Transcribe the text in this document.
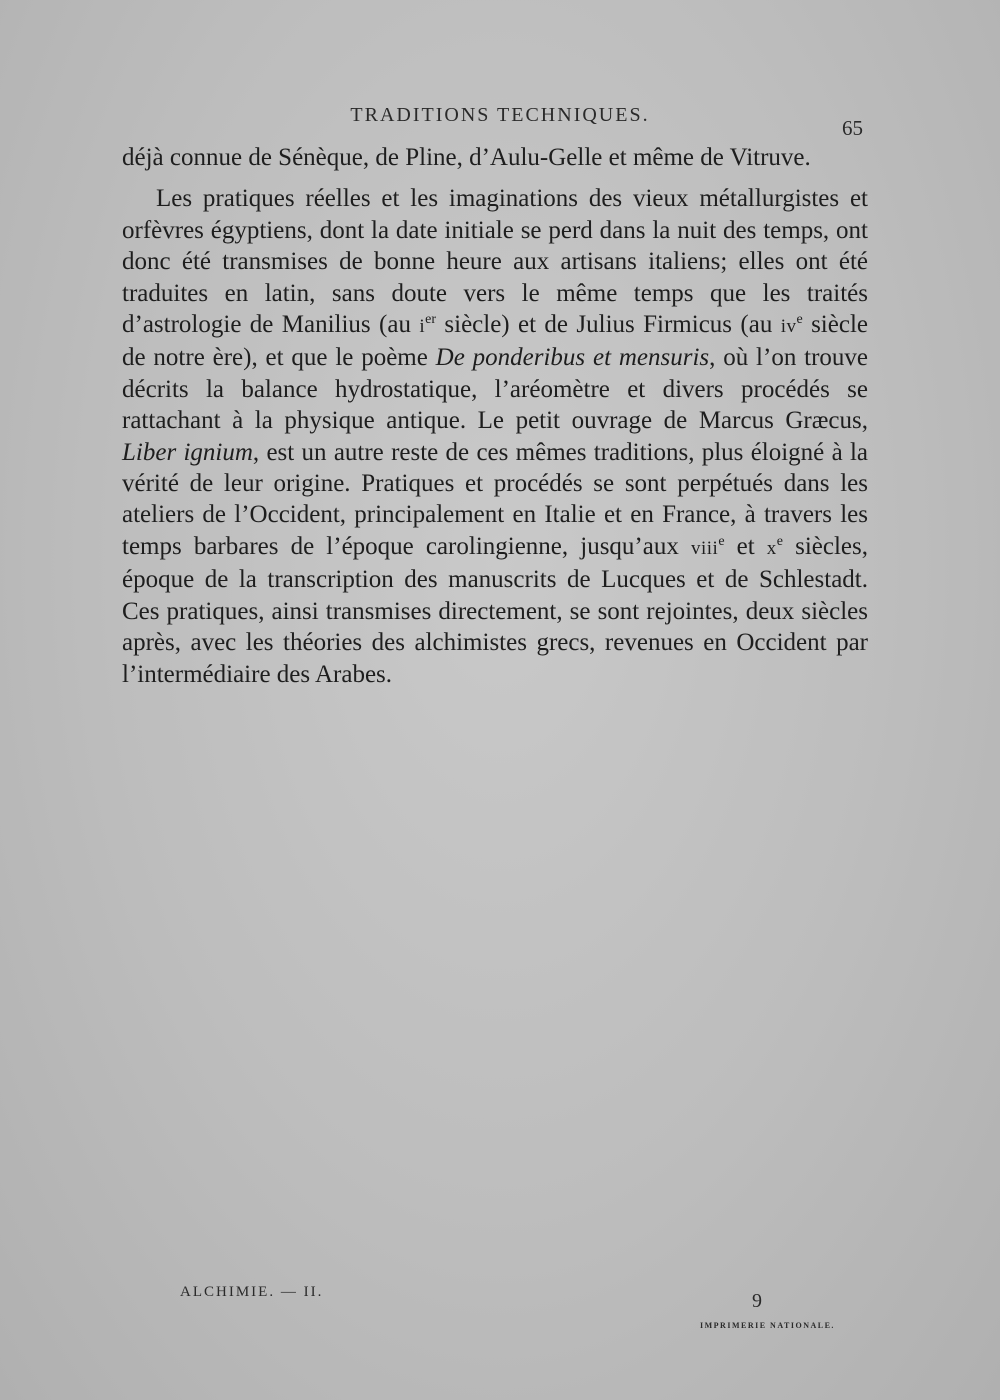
TRADITIONS TECHNIQUES.
65

déjà connue de Sénèque, de Pline, d’Aulu-Gelle et même de Vitruve.

Les pratiques réelles et les imaginations des vieux métallurgistes et orfèvres égyptiens, dont la date initiale se perd dans la nuit des temps, ont donc été transmises de bonne heure aux artisans italiens; elles ont été traduites en latin, sans doute vers le même temps que les traités d’astrologie de Manilius (au $i^{er}$ siècle) et de Julius Firmicus (au $iv^e$ siècle de notre ère), et que le poème De ponderibus et mensuris, où l’on trouve décrits la balance hydrostatique, l’aréomètre et divers procédés se rattachant à la physique antique. Le petit ouvrage de Marcus Græcus, Liber ignium, est un autre reste de ces mêmes traditions, plus éloigné à la vérité de leur origine. Pratiques et procédés se sont perpétués dans les ateliers de l’Occident, principalement en Italie et en France, à travers les temps barbares de l’époque carolingienne, jusqu’aux viii$^e$ et $x^e$ siècles, époque de la transcription des manuscrits de Lucques et de Schlestadt. Ces pratiques, ainsi transmises directement, se sont rejointes, deux siècles après, avec les théories des alchimistes grecs, revenues en Occident par l’intermédiaire des Arabes.

ALCHIMIE. — II.	9
IMPRIMERIE NATIONALE.
